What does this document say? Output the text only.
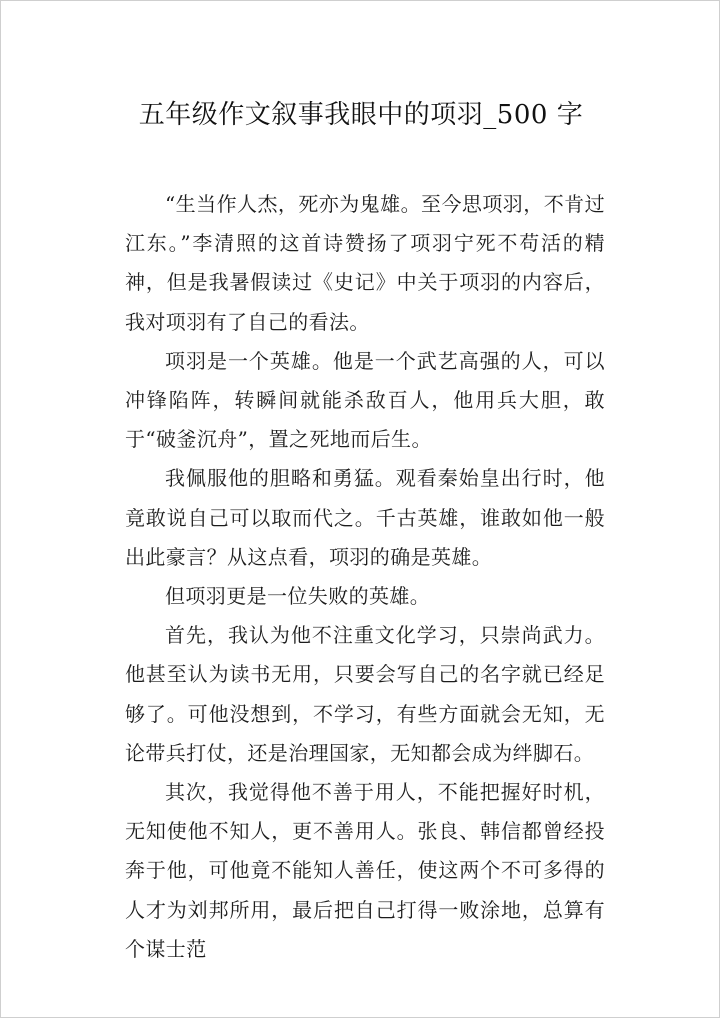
五年级作文叙事我眼中的项羽_500 字

“生当作人杰，死亦为鬼雄。至今思项羽，不肯过江东。”李清照的这首诗赞扬了项羽宁死不苟活的精神，但是我暑假读过《史记》中关于项羽的内容后，我对项羽有了自己的看法。

项羽是一个英雄。他是一个武艺高强的人，可以冲锋陷阵，转瞬间就能杀敌百人，他用兵大胆，敢于“破釜沉舟”，置之死地而后生。

我佩服他的胆略和勇猛。观看秦始皇出行时，他竟敢说自己可以取而代之。千古英雄，谁敢如他一般出此豪言？从这点看，项羽的确是英雄。

但项羽更是一位失败的英雄。

首先，我认为他不注重文化学习，只崇尚武力。他甚至认为读书无用，只要会写自己的名字就已经足够了。可他没想到，不学习，有些方面就会无知，无论带兵打仗，还是治理国家，无知都会成为绊脚石。

其次，我觉得他不善于用人，不能把握好时机，无知使他不知人，更不善用人。张良、韩信都曾经投奔于他，可他竟不能知人善任，使这两个不可多得的人才为刘邦所用，最后把自己打得一败涂地，总算有个谋士范
